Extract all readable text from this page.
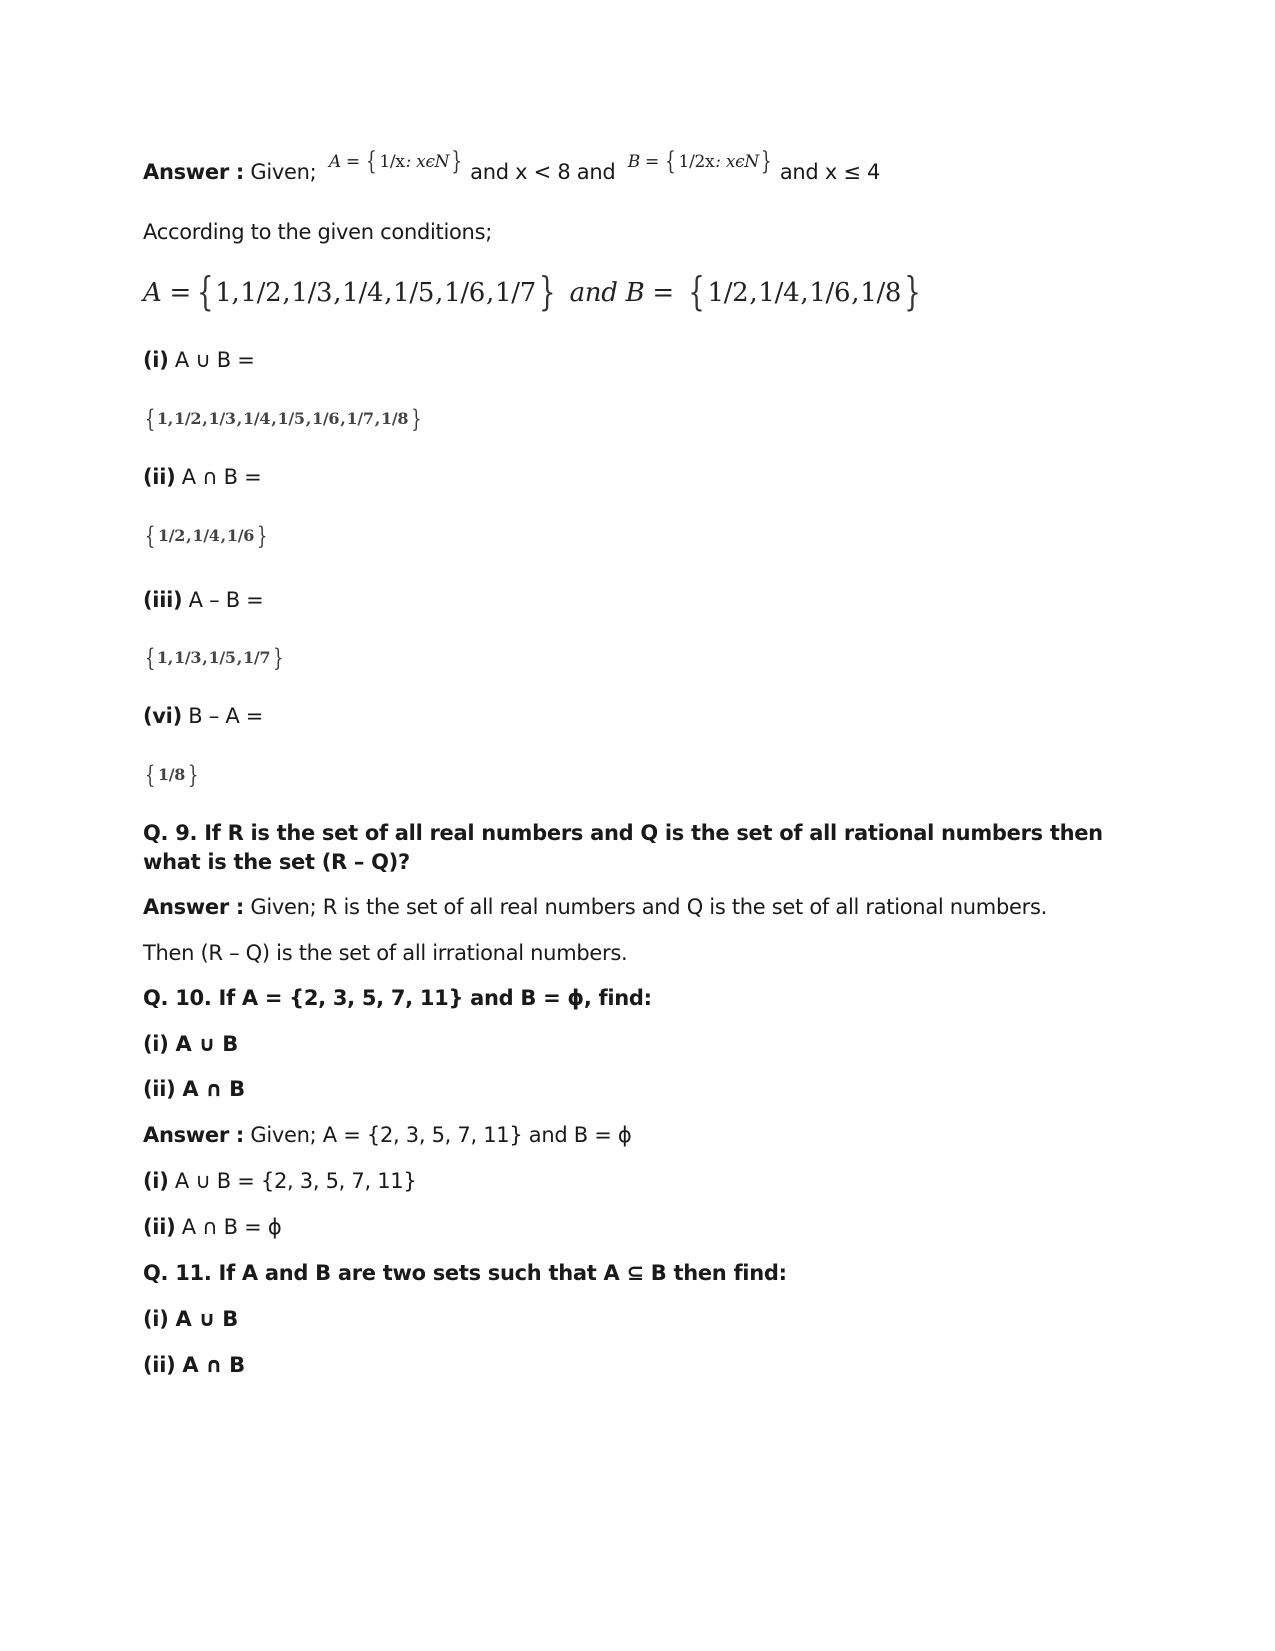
Answer : Given; A = { 1/x : xϵN } and x < 8 and B = { 1/2x : xϵN } and x ≤ 4
According to the given conditions;
A = { 1 , 1/2 , 1/3 , 1/4 , 1/5 , 1/6 , 1/7 } and B = { 1/2 , 1/4 , 1/6 , 1/8 }
(i) A ∪ B =
{ 1 , 1/2 , 1/3 , 1/4 , 1/5 , 1/6 , 1/7 , 1/8 }
(ii) A ∩ B =
{ 1/2 , 1/4 , 1/6 }
(iii) A – B =
{ 1 , 1/3 , 1/5 , 1/7 }
(vi) B – A =
{ 1/8 }
Q. 9. If R is the set of all real numbers and Q is the set of all rational numbers then
what is the set (R – Q)?
Answer : Given; R is the set of all real numbers and Q is the set of all rational numbers.
Then (R – Q) is the set of all irrational numbers.
Q. 10. If A = {2, 3, 5, 7, 11} and B = ϕ, find:
(i) A ∪ B
(ii) A ∩ B
Answer : Given; A = {2, 3, 5, 7, 11} and B = ϕ
(i) A ∪ B = {2, 3, 5, 7, 11}
(ii) A ∩ B = ϕ
Q. 11. If A and B are two sets such that A ⊆ B then find:
(i) A ∪ B
(ii) A ∩ B
